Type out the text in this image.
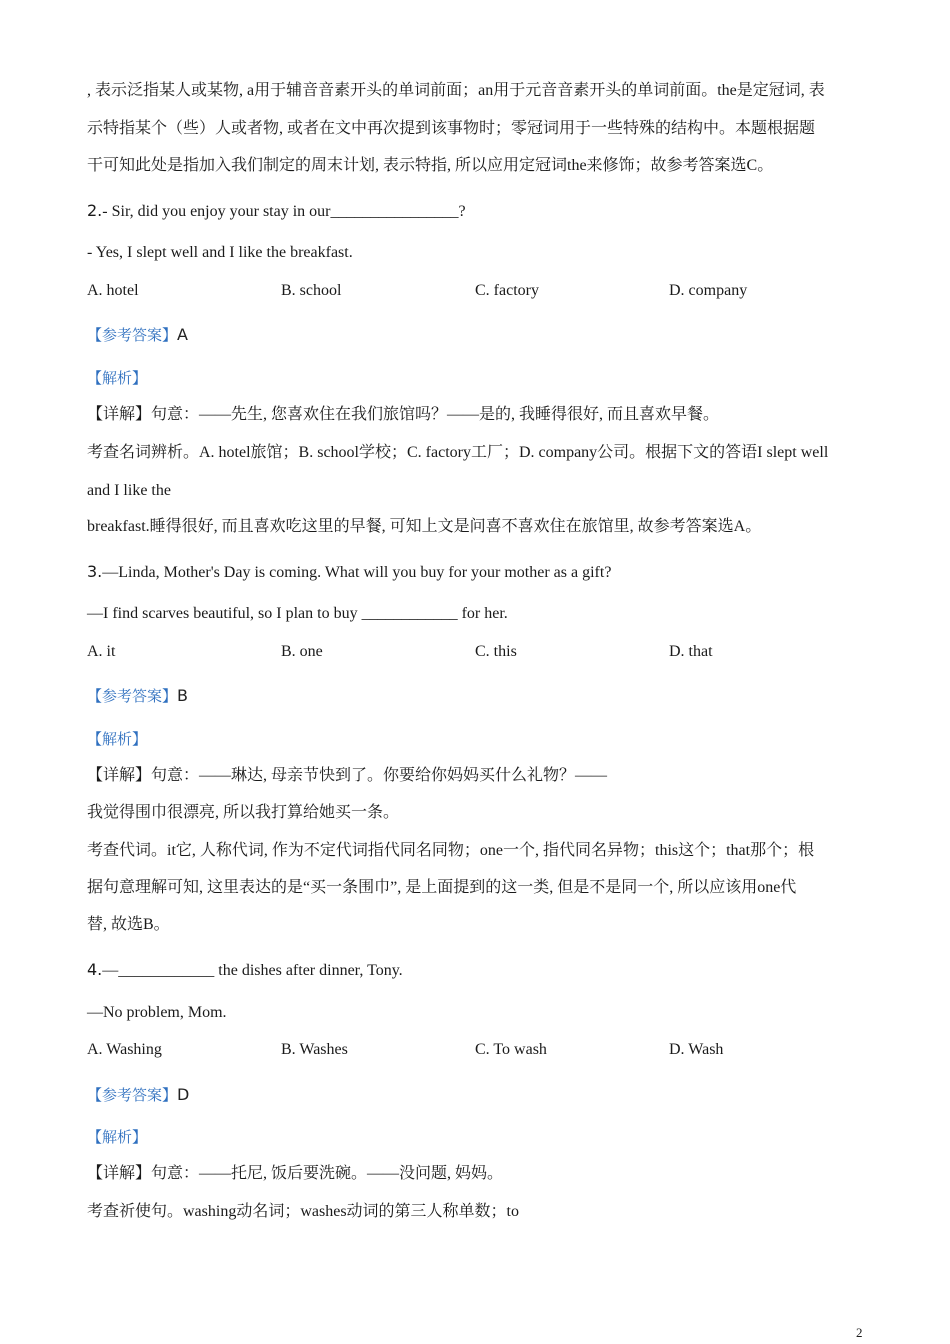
, 表示泛指某人或某物, a用于辅音音素开头的单词前面；an用于元音音素开头的单词前面。the是定冠词, 表
示特指某个（些）人或者物, 或者在文中再次提到该事物时；零冠词用于一些特殊的结构中。本题根据题
干可知此处是指加入我们制定的周末计划, 表示特指, 所以应用定冠词the来修饰；故参考答案选C。
2.- Sir, did you enjoy your stay in our________________?
- Yes, I slept well and I like the breakfast.
A. hotel	B. school	C. factory	D. company
【参考答案】A
【解析】
【详解】句意：——先生, 您喜欢住在我们旅馆吗？——是的, 我睡得很好, 而且喜欢早餐。
考查名词辨析。A. hotel旅馆；B. school学校；C. factory工厂；D. company公司。根据下文的答语I slept well
and I like the
breakfast.睡得很好, 而且喜欢吃这里的早餐, 可知上文是问喜不喜欢住在旅馆里, 故参考答案选A。
3.—Linda, Mother's Day is coming. What will you buy for your mother as a gift?
—I find scarves beautiful, so I plan to buy ____________ for her.
A. it	B. one	C. this	D. that
【参考答案】B
【解析】
【详解】句意：——琳达, 母亲节快到了。你要给你妈妈买什么礼物？——
我觉得围巾很漂亮, 所以我打算给她买一条。
考查代词。it它, 人称代词, 作为不定代词指代同名同物；one一个, 指代同名异物；this这个；that那个；根
据句意理解可知, 这里表达的是“买一条围巾”, 是上面提到的这一类, 但是不是同一个, 所以应该用one代
替, 故选B。
4.—____________ the dishes after dinner, Tony.
—No problem, Mom.
A. Washing	B. Washes	C. To wash	D. Wash
【参考答案】D
【解析】
【详解】句意：——托尼, 饭后要洗碗。——没问题, 妈妈。
考查祈使句。washing动名词；washes动词的第三人称单数；to
2
